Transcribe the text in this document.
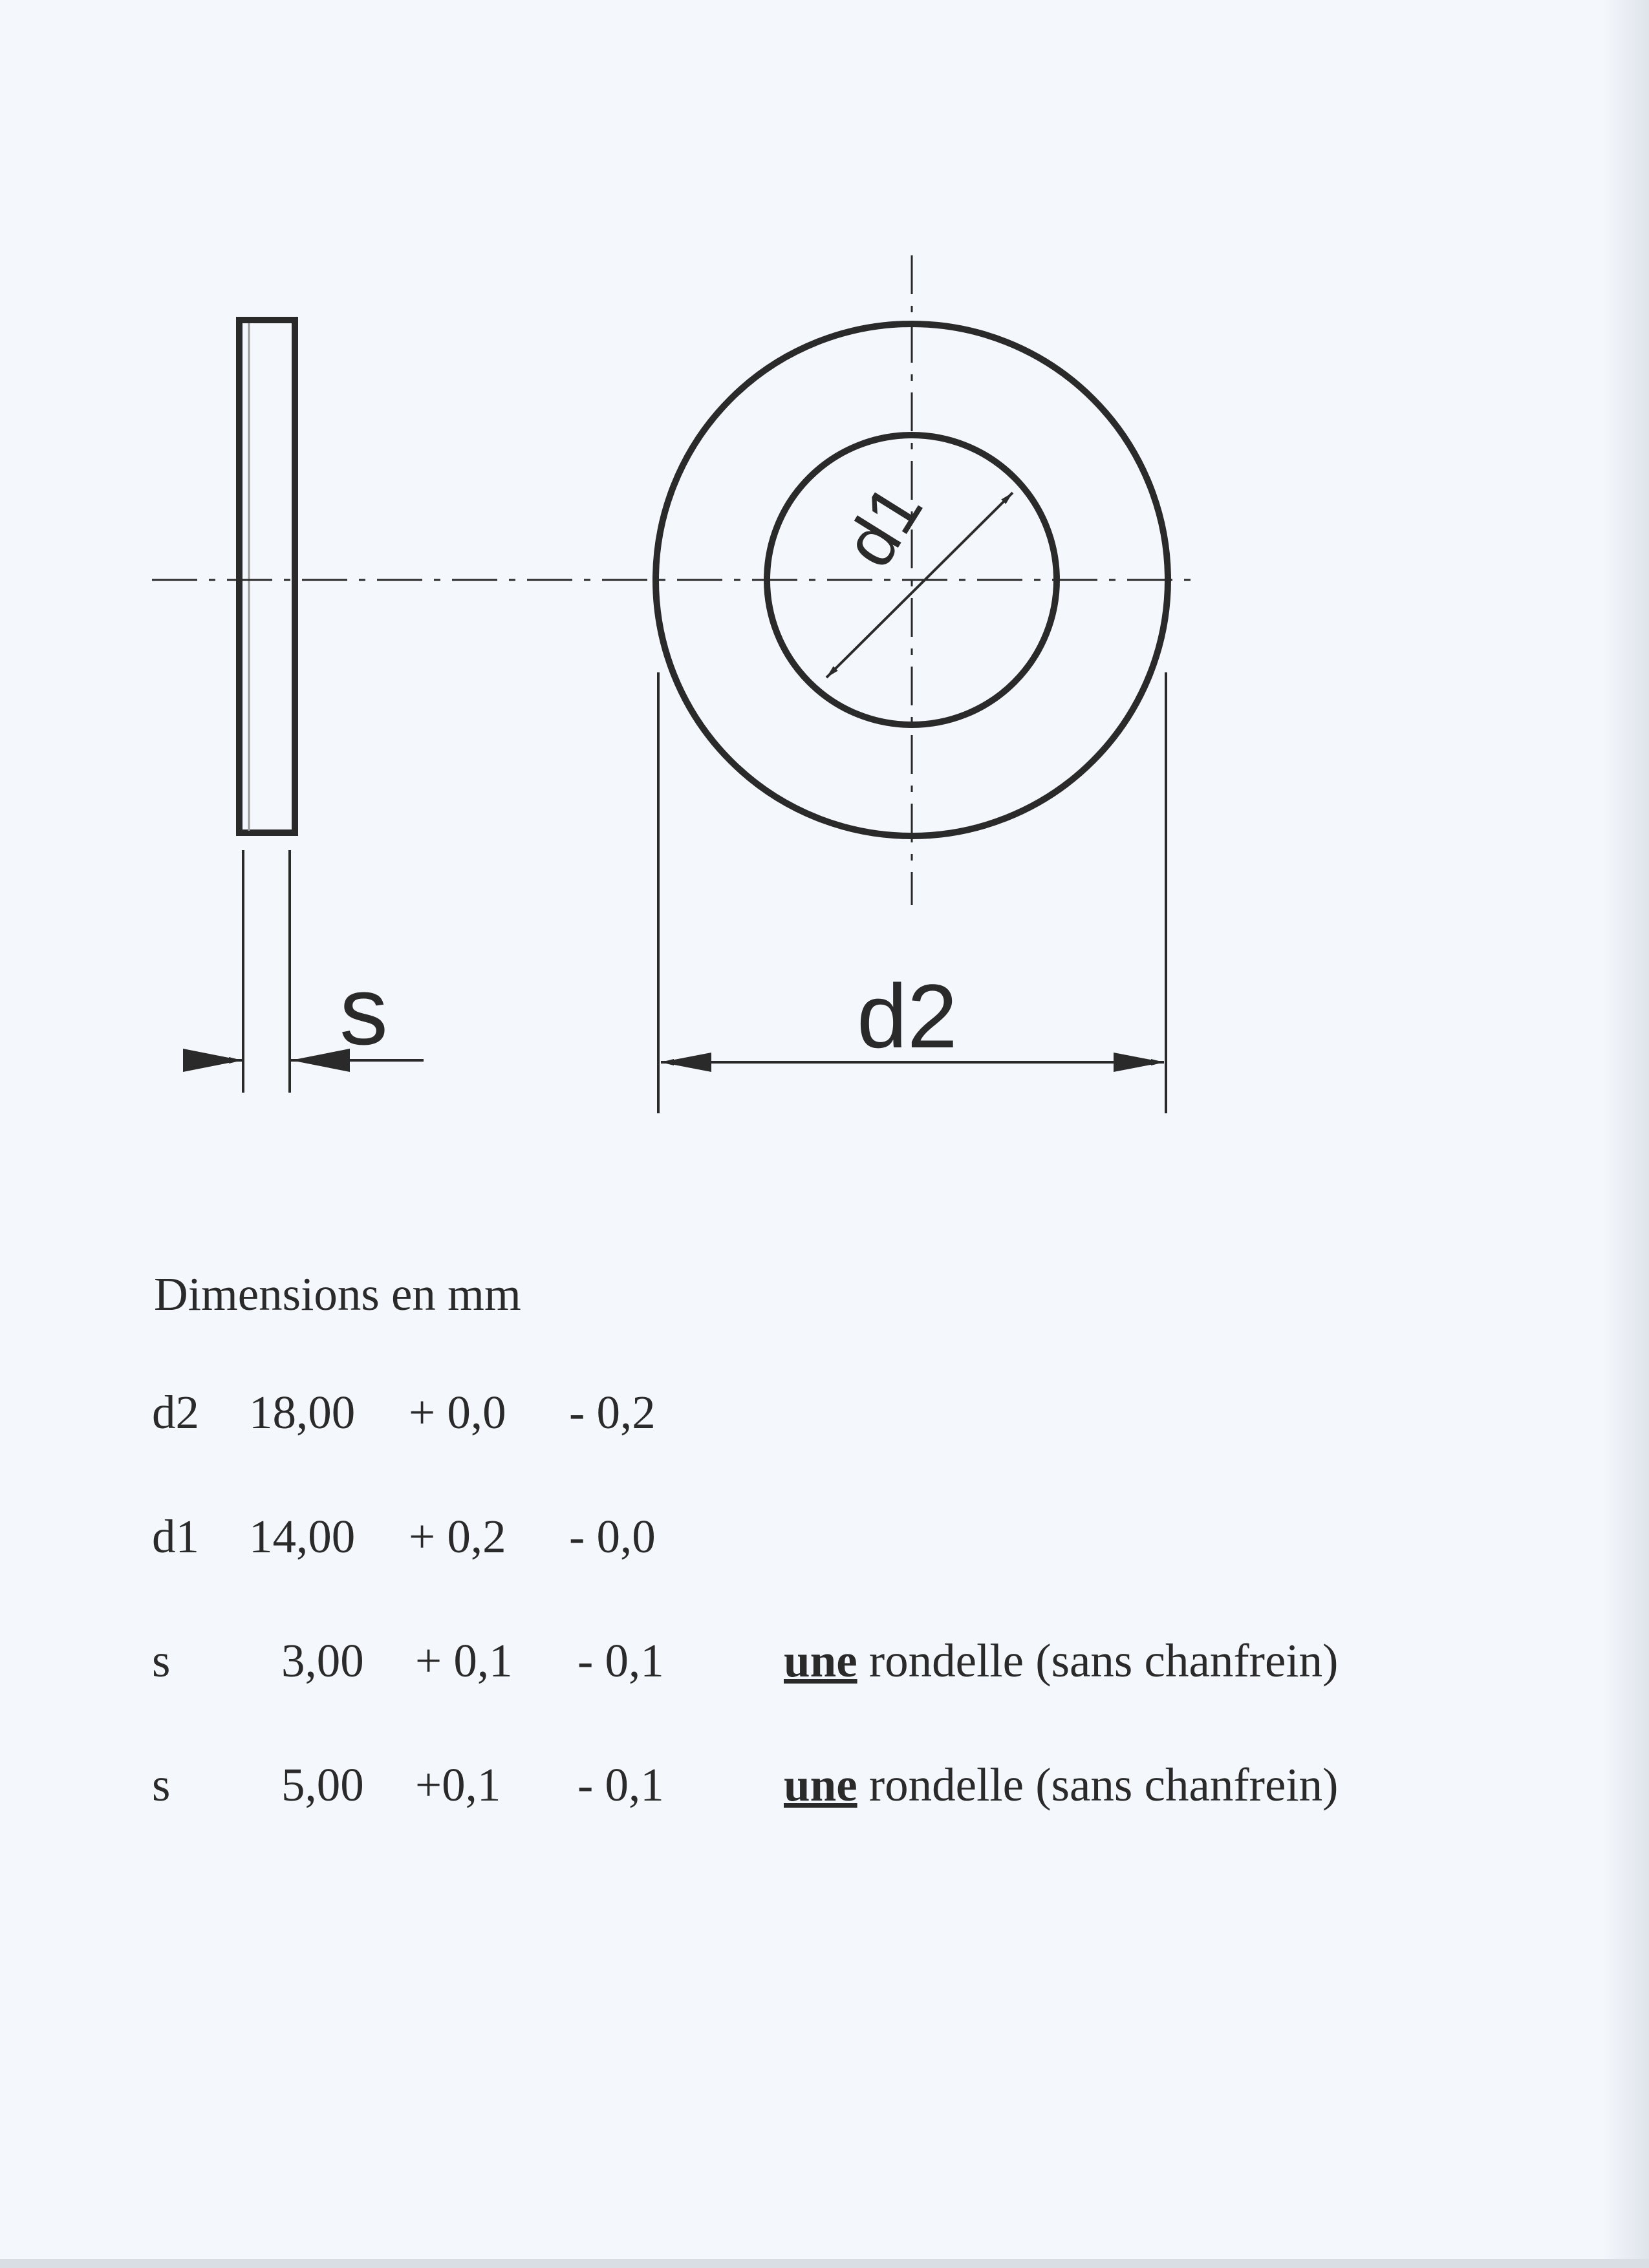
d1
s	d2
Dimensions en mm
d2 18,00 + 0,0 - 0,2
d1 14,00 + 0,2 - 0,0
s 3,00 + 0,1 - 0,1	une rondelle (sans chanfrein)
s 5,00 +0,1 - 0,1	une rondelle (sans chanfrein)
